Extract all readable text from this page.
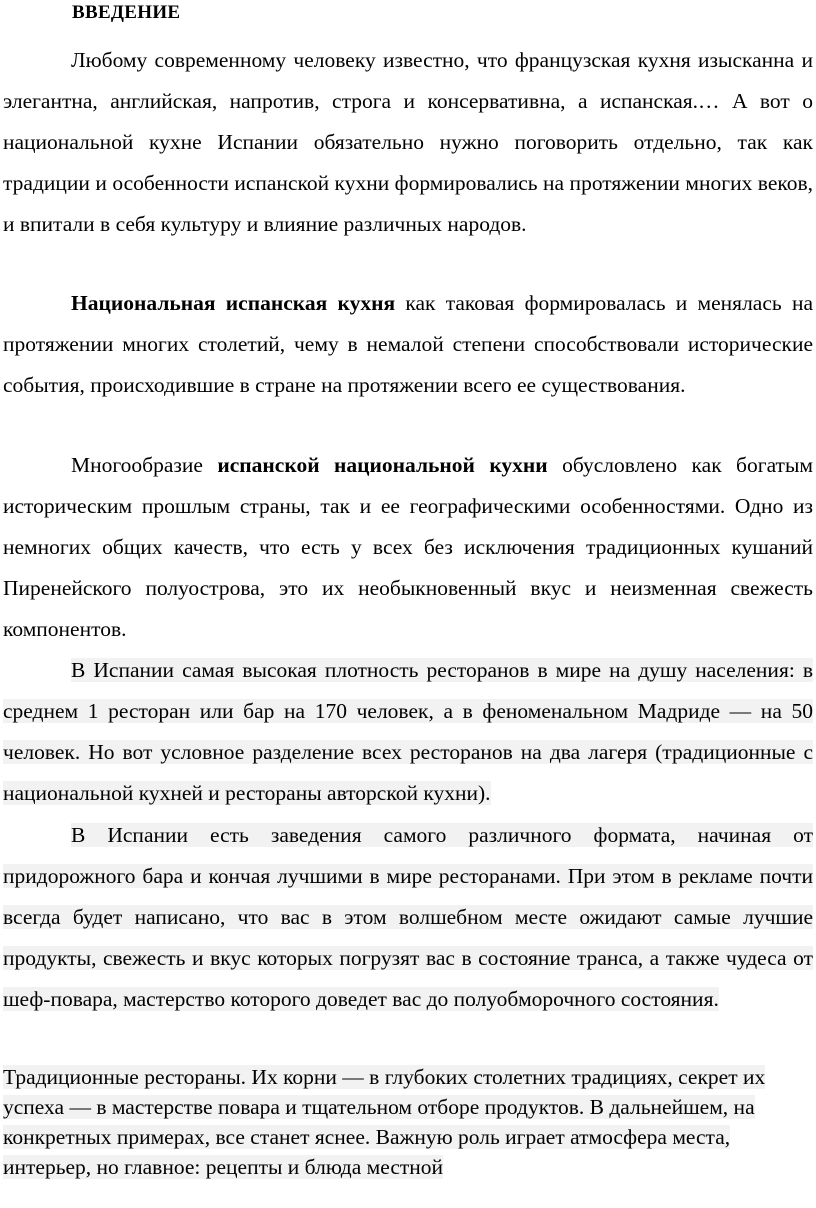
ВВЕДЕНИЕ

Любому современному человеку известно, что французская кухня изысканна и элегантна, английская, напротив, строга и консервативна, а испанская.… А вот о национальной кухне Испании обязательно нужно поговорить отдельно, так как традиции и особенности испанской кухни формировались на протяжении многих веков, и впитали в себя культуру и влияние различных народов.

Национальная испанская кухня как таковая формировалась и менялась на протяжении многих столетий, чему в немалой степени способствовали исторические события, происходившие в стране на протяжении всего ее существования.

Многообразие испанской национальной кухни обусловлено как богатым историческим прошлым страны, так и ее географическими особенностями. Одно из немногих общих качеств, что есть у всех без исключения традиционных кушаний Пиренейского полуострова, это их необыкновенный вкус и неизменная свежесть компонентов.

В Испании самая высокая плотность ресторанов в мире на душу населения: в среднем 1 ресторан или бар на 170 человек, а в феноменальном Мадриде — на 50 человек. Но вот условное разделение всех ресторанов на два лагеря (традиционные с национальной кухней и рестораны авторской кухни).

В Испании есть заведения самого различного формата, начиная от придорожного бара и кончая лучшими в мире ресторанами. При этом в рекламе почти всегда будет написано, что вас в этом волшебном месте ожидают самые лучшие продукты, свежесть и вкус которых погрузят вас в состояние транса, а также чудеса от шеф-повара, мастерство которого доведет вас до полуобморочного состояния.

Традиционные рестораны. Их корни — в глубоких столетних традициях, секрет их успеха — в мастерстве повара и тщательном отборе продуктов. В дальнейшем, на конкретных примерах, все станет яснее. Важную роль играет атмосфера места, интерьер, но главное: рецепты и блюда местной
